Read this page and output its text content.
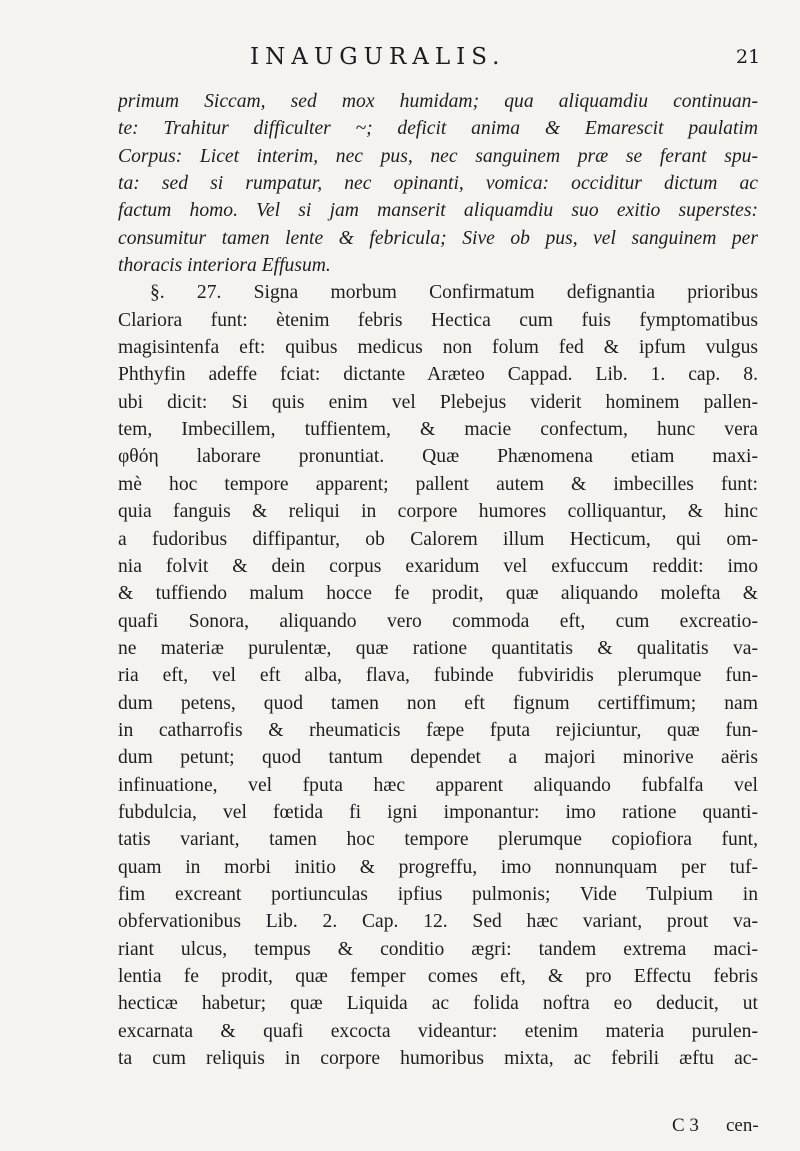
INAUGURALIS.	21
primum Siccam, sed mox humidam; qua aliquamdiu continuan-
te: Trahitur difficulter ~; deficit anima & Emarescit paulatim
Corpus: Licet interim, nec pus, nec sanguinem præ se ferant spu-
ta: sed si rumpatur, nec opinanti, vomica: occiditur dictum ac
factum homo. Vel si jam manserit aliquamdiu suo exitio superstes:
consumitur tamen lente & febricula; Sive ob pus, vel sanguinem per
thoracis interiora Effusum.
§. 27. Signa morbum Confirmatum defignantia prioribus
Clariora funt: ètenim febris Hectica cum fuis fymptomatibus
magisintenfa eft: quibus medicus non folum fed & ipfum vulgus
Phthyfin adeffe fciat: dictante Aræteo Cappad. Lib. 1. cap. 8.
ubi dicit: Si quis enim vel Plebejus viderit hominem pallen-
tem, Imbecillem, tuffientem, & macie confectum, hunc vera
φθόη laborare pronuntiat. Quæ Phænomena etiam maxi-
mè hoc tempore apparent; pallent autem & imbecilles funt:
quia fanguis & reliqui in corpore humores colliquantur, & hinc
a fudoribus diffipantur, ob Calorem illum Hecticum, qui om-
nia folvit & dein corpus exaridum vel exfuccum reddit: imo
& tuffiendo malum hocce fe prodit, quæ aliquando molefta &
quafi Sonora, aliquando vero commoda eft, cum excreatio-
ne materiæ purulentæ, quæ ratione quantitatis & qualitatis va-
ria eft, vel eft alba, flava, fubinde fubviridis plerumque fun-
dum petens, quod tamen non eft fignum certiffimum; nam
in catharrofis & rheumaticis fæpe fputa rejiciuntur, quæ fun-
dum petunt; quod tantum dependet a majori minorive aëris
infinuatione, vel fputa hæc apparent aliquando fubfalfa vel
fubdulcia, vel fœtida fi igni imponantur: imo ratione quanti-
tatis variant, tamen hoc tempore plerumque copiofiora funt,
quam in morbi initio & progreffu, imo nonnunquam per tuf-
fim excreant portiunculas ipfius pulmonis; Vide Tulpium in
obfervationibus Lib. 2. Cap. 12. Sed hæc variant, prout va-
riant ulcus, tempus & conditio ægri: tandem extrema maci-
lentia fe prodit, quæ femper comes eft, & pro Effectu febris
hecticæ habetur; quæ Liquida ac folida noftra eo deducit, ut
excarnata & quafi excocta videantur: etenim materia purulen-
ta cum reliquis in corpore humoribus mixta, ac febrili æftu ac-
C 3 cen-
